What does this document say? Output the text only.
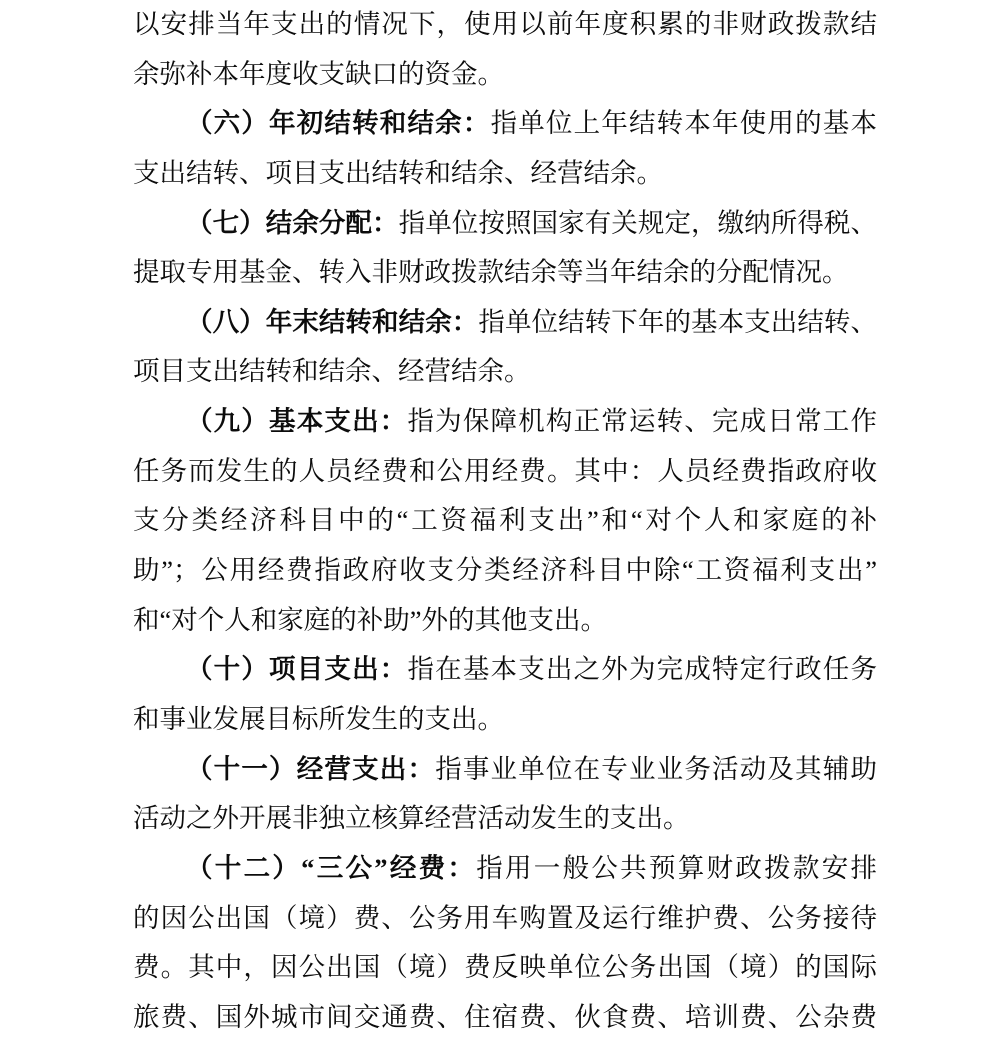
以安排当年支出的情况下，使用以前年度积累的非财政拨款结
余弥补本年度收支缺口的资金。
（六）年初结转和结余：指单位上年结转本年使用的基本
支出结转、项目支出结转和结余、经营结余。
（七）结余分配：指单位按照国家有关规定，缴纳所得税、
提取专用基金、转入非财政拨款结余等当年结余的分配情况。
（八）年末结转和结余：指单位结转下年的基本支出结转、
项目支出结转和结余、经营结余。
（九）基本支出：指为保障机构正常运转、完成日常工作
任务而发生的人员经费和公用经费。其中：人员经费指政府收
支分类经济科目中的“工资福利支出”和“对个人和家庭的补
助”；公用经费指政府收支分类经济科目中除“工资福利支出”
和“对个人和家庭的补助”外的其他支出。
（十）项目支出：指在基本支出之外为完成特定行政任务
和事业发展目标所发生的支出。
（十一）经营支出：指事业单位在专业业务活动及其辅助
活动之外开展非独立核算经营活动发生的支出。
（十二）“三公”经费：指用一般公共预算财政拨款安排
的因公出国（境）费、公务用车购置及运行维护费、公务接待
费。其中，因公出国（境）费反映单位公务出国（境）的国际
旅费、国外城市间交通费、住宿费、伙食费、培训费、公杂费
